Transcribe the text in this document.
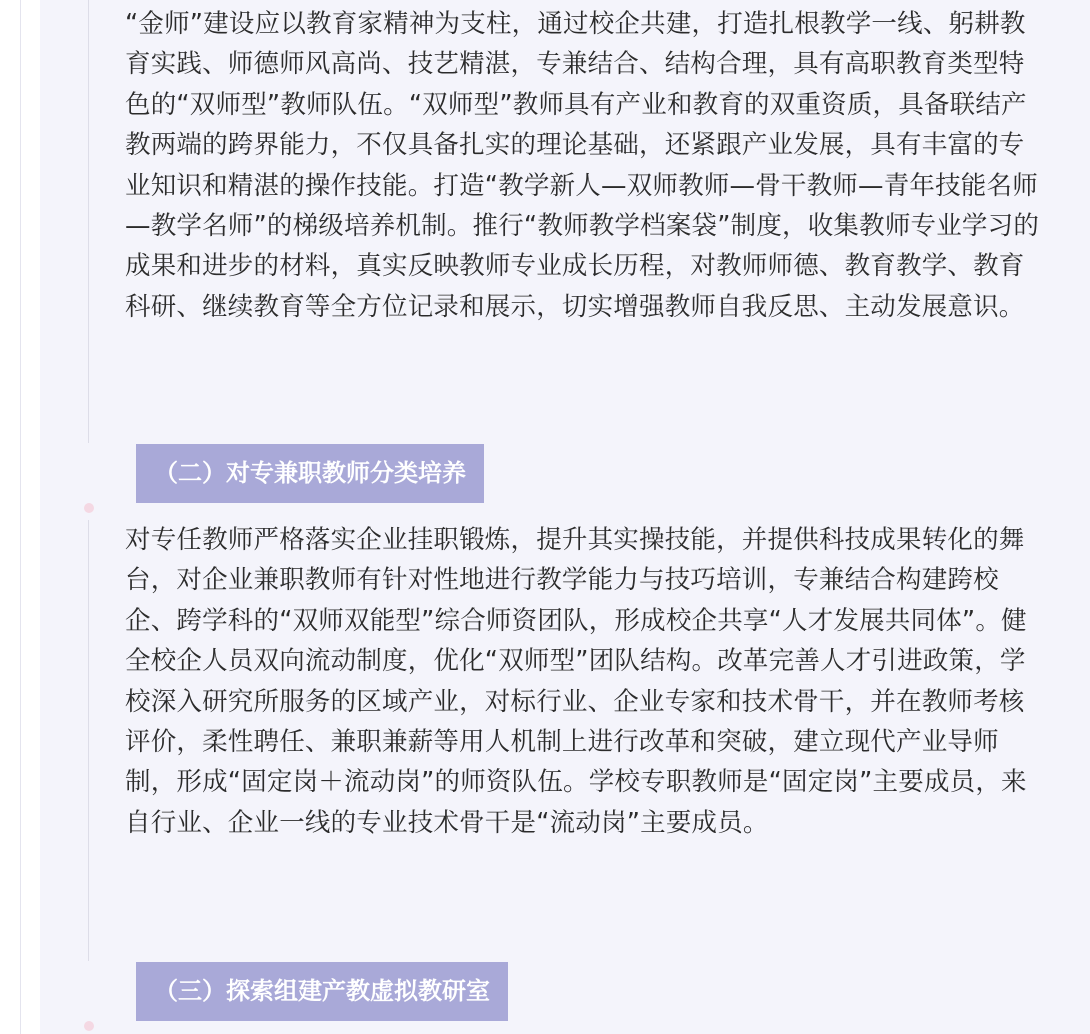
“金师”建设应以教育家精神为支柱，通过校企共建，打造扎根教学一线、躬耕教育实践、师德师风高尚、技艺精湛，专兼结合、结构合理，具有高职教育类型特色的“双师型”教师队伍。“双师型”教师具有产业和教育的双重资质，具备联结产教两端的跨界能力，不仅具备扎实的理论基础，还紧跟产业发展，具有丰富的专业知识和精湛的操作技能。打造“教学新人—双师教师—骨干教师—青年技能名师—教学名师”的梯级培养机制。推行“教师教学档案袋”制度，收集教师专业学习的成果和进步的材料，真实反映教师专业成长历程，对教师师德、教育教学、教育科研、继续教育等全方位记录和展示，切实增强教师自我反思、主动发展意识。

（二）对专兼职教师分类培养

对专任教师严格落实企业挂职锻炼，提升其实操技能，并提供科技成果转化的舞台，对企业兼职教师有针对性地进行教学能力与技巧培训，专兼结合构建跨校企、跨学科的“双师双能型”综合师资团队，形成校企共享“人才发展共同体”。健全校企人员双向流动制度，优化“双师型”团队结构。改革完善人才引进政策，学校深入研究所服务的区域产业，对标行业、企业专家和技术骨干，并在教师考核评价，柔性聘任、兼职兼薪等用人机制上进行改革和突破，建立现代产业导师制，形成“固定岗＋流动岗”的师资队伍。学校专职教师是“固定岗”主要成员，来自行业、企业一线的专业技术骨干是“流动岗”主要成员。

（三）探索组建产教虚拟教研室
